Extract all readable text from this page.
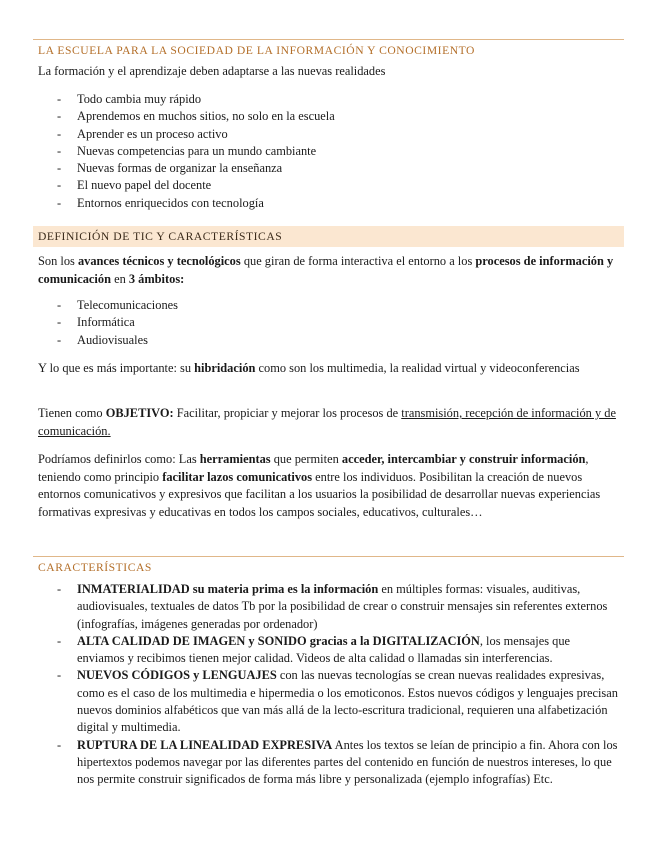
LA ESCUELA PARA LA SOCIEDAD DE LA INFORMACIÓN Y CONOCIMIENTO

La formación y el aprendizaje deben adaptarse a las nuevas realidades

- Todo cambia muy rápido
- Aprendemos en muchos sitios, no solo en la escuela
- Aprender es un proceso activo
- Nuevas competencias para un mundo cambiante
- Nuevas formas de organizar la enseñanza
- El nuevo papel del docente
- Entornos enriquecidos con tecnología
DEFINICIÓN DE TIC Y CARACTERÍSTICAS

Son los avances técnicos y tecnológicos que giran de forma interactiva el entorno a los procesos de información y comunicación en 3 ámbitos:

- Telecomunicaciones
- Informática
- Audiovisuales

Y lo que es más importante: su hibridación como son los multimedia, la realidad virtual y videoconferencias

Tienen como OBJETIVO: Facilitar, propiciar y mejorar los procesos de transmisión, recepción de información y de comunicación.

Podríamos definirlos como: Las herramientas que permiten acceder, intercambiar y construir información, teniendo como principio facilitar lazos comunicativos entre los individuos. Posibilitan la creación de nuevos entornos comunicativos y expresivos que facilitan a los usuarios la posibilidad de desarrollar nuevas experiencias formativas expresivas y educativas en todos los campos sociales, educativos, culturales…

CARACTERÍSTICAS
- INMATERIALIDAD su materia prima es la información en múltiples formas: visuales, auditivas, audiovisuales, textuales de datos Tb por la posibilidad de crear o construir mensajes sin referentes externos (infografías, imágenes generadas por ordenador)
- ALTA CALIDAD DE IMAGEN y SONIDO gracias a la DIGITALIZACIÓN, los mensajes que enviamos y recibimos tienen mejor calidad. Videos de alta calidad o llamadas sin interferencias.
- NUEVOS CÓDIGOS y LENGUAJES con las nuevas tecnologías se crean nuevas realidades expresivas, como es el caso de los multimedia e hipermedia o los emoticonos. Estos nuevos códigos y lenguajes precisan nuevos dominios alfabéticos que van más allá de la lecto-escritura tradicional, requieren una alfabetización digital y multimedia.
- RUPTURA DE LA LINEALIDAD EXPRESIVA Antes los textos se leían de principio a fin. Ahora con los hipertextos podemos navegar por las diferentes partes del contenido en función de nuestros intereses, lo que nos permite construir significados de forma más libre y personalizada (ejemplo infografías) Etc.
